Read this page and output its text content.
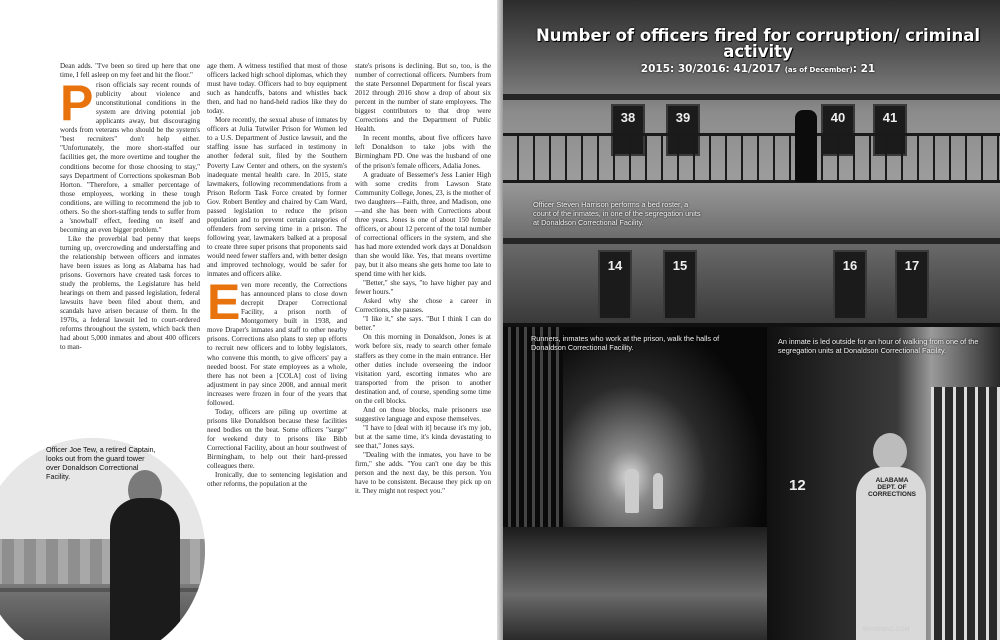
Dean adds. "I've been so tired up here that one time, I fell asleep on my feet and hit the floor."

Prison officials say recent rounds of publicity about violence and unconstitutional conditions in the system are driving potential job applicants away, but discouraging words from veterans who should be the system's "best recruiters" don't help either. "Unfortunately, the more short-staffed our facilities get, the more overtime and tougher the conditions become for those choosing to stay," says Department of Corrections spokesman Bob Horton. "Therefore, a smaller percentage of those employees, working in these tough conditions, are willing to recommend the job to others. So the short-staffing tends to suffer from a 'snowball' effect, feeding on itself and becoming an even bigger problem."

Like the proverbial bad penny that keeps turning up, overcrowding and understaffing and the relationship between officers and inmates have been issues as long as Alabama has had prisons. Governors have created task forces to study the problems, the Legislature has held hearings on them and passed legislation, federal lawsuits have been filed about them, and scandals have arisen because of them. In the 1970s, a federal lawsuit led to court-ordered reforms throughout the system, which back then had about 5,000 inmates and about 400 officers to man-

age them. A witness testified that most of those officers lacked high school diplomas, which they must have today. Officers had to buy equipment such as handcuffs, batons and whistles back then, and had no hand-held radios like they do today.

More recently, the sexual abuse of inmates by officers at Julia Tutwiler Prison for Women led to a U.S. Department of Justice lawsuit, and the staffing issue has surfaced in testimony in another federal suit, filed by the Southern Poverty Law Center and others, on the system's inadequate mental health care. In 2015, state lawmakers, following recommendations from a Prison Reform Task Force created by former Gov. Robert Bentley and chaired by Cam Ward, passed legislation to reduce the prison population and to prevent certain categories of offenders from serving time in a prison. The following year, lawmakers balked at a proposal to create three super prisons that proponents said would need fewer staffers and, with better design and improved technology, would be safer for inmates and officers alike.

Even more recently, the Corrections has announced plans to close down decrepit Draper Correctional Facility, a prison north of Montgomery built in 1938, and move Draper's inmates and staff to other nearby prisons. Corrections also plans to step up efforts to recruit new officers and to lobby legislators, who convene this month, to give officers' pay a needed boost. For state employees as a whole, there has not been a [COLA] cost of living adjustment in pay since 2008, and annual merit increases were frozen in four of the years that followed.

Today, officers are piling up overtime at prisons like Donaldson because these facilities need bodies on the beat. Some officers "surge" for weekend duty to prisons like Bibb Correctional Facility, about an hour southwest of Birmingham, to help out their hard-pressed colleagues there.

Ironically, due to sentencing legislation and other reforms, the population at the

state's prisons is declining. But so, too, is the number of correctional officers. Numbers from the state Personnel Department for fiscal years 2012 through 2016 show a drop of about six percent in the number of state employees. The biggest contributors to that drop were Corrections and the Department of Public Health.

In recent months, about five officers have left Donaldson to take jobs with the Birmingham PD. One was the husband of one of the prison's female officers, Adalia Jones.

A graduate of Bessemer's Jess Lanier High with some credits from Lawson State Community College, Jones, 23, is the mother of two daughters—Faith, three, and Madison, one—and she has been with Corrections about three years. Jones is one of about 150 female officers, or about 12 percent of the total number of correctional officers in the system, and she has had more extended work days at Donaldson than she would like. Yes, that means overtime pay, but it also means she gets home too late to spend time with her kids.

"Better," she says, "to have higher pay and fewer hours."

Asked why she chose a career in Corrections, she pauses.

"I like it," she says. "But I think I can do better."

On this morning in Donaldson, Jones is at work before six, ready to search other female staffers as they come in the main entrance. Her other duties include overseeing the indoor visitation yard, escorting inmates who are transported from the prison to another destination and, of course, spending some time on the cell blocks.

And on those blocks, male prisoners use suggestive language and expose themselves.

"I have to [deal with it] because it's my job, but at the same time, it's kinda devastating to see that," Jones says.

"Dealing with the inmates, you have to be firm," she adds. "You can't one day be this person and the next day, be this person. You have to be consistent. Because they pick up on it. They might not respect you."

Officer Joe Tew, a retired Captain, looks out from the guard tower over Donaldson Correctional Facility.
38	39	40	41
14	15	16	17
Number of officers fired for corruption/ criminal activity
2015: 30/2016: 41/2017 (as of December): 21
Officer Steven Harrison performs a bed roster, a count of the inmates, in one of the segregation units at Donaldson Correctional Facility.
Runners, inmates who work at the prison, walk the halls of Donaldson Correctional Facility.
12	ALABAMA DEPT. OF CORRECTIONS
An inmate is led outside for an hour of walking from one of the segregation units at Donaldson Correctional Facility.
BHAMMAG.COM
